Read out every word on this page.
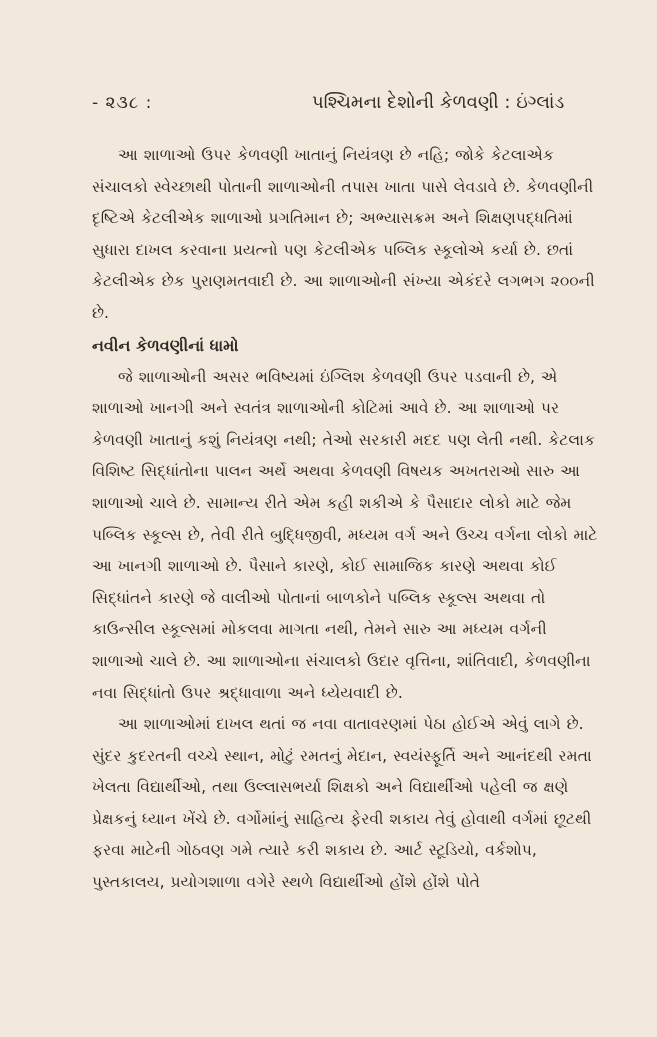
- ૨૩૮ :	પશ્ચિમના દેશોની કેળવણી : ઇંગ્લાંડ

આ શાળાઓ ઉપર કેળવણી ખાતાનું નિયંત્રણ છે નહિ; જોકે કેટલાએક સંચાલકો સ્વેચ્છાથી પોતાની શાળાઓની તપાસ ખાતા પાસે લેવડાવે છે. કેળવણીની દૃષ્ટિએ કેટલીએક શાળાઓ પ્રગતિમાન છે; અભ્યાસક્રમ અને શિક્ષણપદ્ધતિમાં સુધારા દાખલ કરવાના પ્રયત્નો પણ કેટલીએક પબ્લિક સ્કૂલોએ કર્યા છે. છતાં કેટલીએક છેક પુરાણમતવાદી છે. આ શાળાઓની સંખ્યા એકંદરે લગભગ ૨૦૦ની છે.

નવીન કેળવણીનાં ધામો

જે શાળાઓની અસર ભવિષ્યમાં ઇંગ્લિશ કેળવણી ઉપર પડવાની છે, એ શાળાઓ ખાનગી અને સ્વતંત્ર શાળાઓની કોટિમાં આવે છે. આ શાળાઓ પર કેળવણી ખાતાનું કશું નિયંત્રણ નથી; તેઓ સરકારી મદદ પણ લેતી નથી. કેટલાક વિશિષ્ટ સિદ્ધાંતોના પાલન અર્થે અથવા કેળવણી વિષયક અખતરાઓ સારુ આ શાળાઓ ચાલે છે. સામાન્ય રીતે એમ કહી શકીએ કે પૈસાદાર લોકો માટે જેમ પબ્લિક સ્કૂલ્સ છે, તેવી રીતે બુદ્ધિજીવી, મધ્યમ વર્ગ અને ઉચ્ચ વર્ગના લોકો માટે આ ખાનગી શાળાઓ છે. પૈસાને કારણે, કોઈ સામાજિક કારણે અથવા કોઈ સિદ્ધાંતને કારણે જે વાલીઓ પોતાનાં બાળકોને પબ્લિક સ્કૂલ્સ અથવા તો કાઉન્સીલ સ્કૂલ્સમાં મોકલવા માગતા નથી, તેમને સારુ આ મધ્યમ વર્ગની શાળાઓ ચાલે છે. આ શાળાઓના સંચાલકો ઉદાર વૃત્તિના, શાંતિવાદી, કેળવણીના નવા સિદ્ધાંતો ઉપર શ્રદ્ધાવાળા અને ધ્યેયવાદી છે.

આ શાળાઓમાં દાખલ થતાં જ નવા વાતાવરણમાં પેઠા હોઈએ એવું લાગે છે. સુંદર કુદરતની વચ્ચે સ્થાન, મોટું રમતનું મેદાન, સ્વયંસ્ફૂર્તિ અને આનંદથી રમતા ખેલતા વિદ્યાર્થીઓ, તથા ઉલ્લાસભર્યા શિક્ષકો અને વિદ્યાર્થીઓ પહેલી જ ક્ષણે પ્રેક્ષકનું ધ્યાન ખેંચે છે. વર્ગોમાંનું સાહિત્ય ફેરવી શકાય તેવું હોવાથી વર્ગમાં છૂટથી ફરવા માટેની ગોઠવણ ગમે ત્યારે કરી શકાય છે. આર્ટ સ્ટૂડિયો, વર્કશોપ, પુસ્તકાલય, પ્રયોગશાળા વગેરે સ્થળે વિદ્યાર્થીઓ હોંશે હોંશે પોતે
